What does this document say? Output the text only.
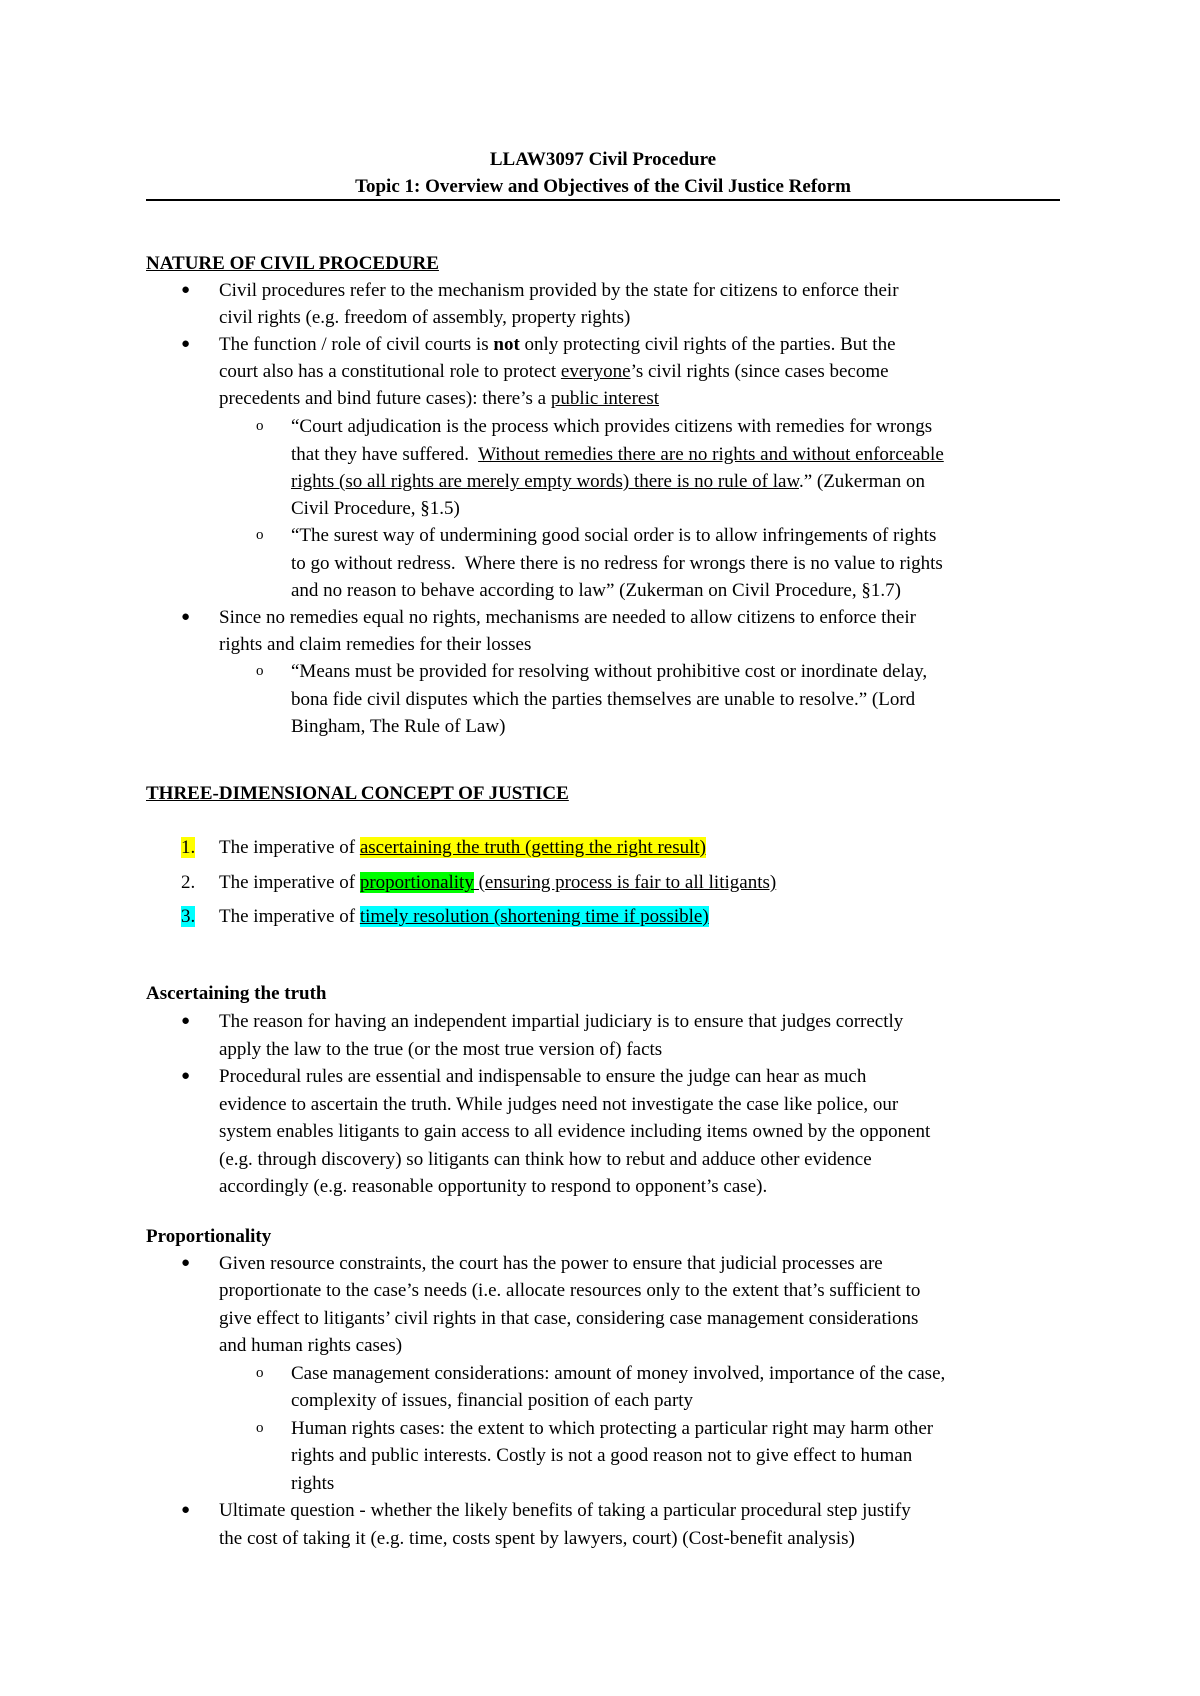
LLAW3097 Civil Procedure
Topic 1: Overview and Objectives of the Civil Justice Reform
NATURE OF CIVIL PROCEDURE
● Civil procedures refer to the mechanism provided by the state for citizens to enforce their
civil rights (e.g. freedom of assembly, property rights)
● The function / role of civil courts is not only protecting civil rights of the parties. But the
court also has a constitutional role to protect everyone’s civil rights (since cases become
precedents and bind future cases): there’s a public interest
o “Court adjudication is the process which provides citizens with remedies for wrongs
that they have suffered.  Without remedies there are no rights and without enforceable
rights (so all rights are merely empty words) there is no rule of law.” (Zukerman on
Civil Procedure, §1.5)
o “The surest way of undermining good social order is to allow infringements of rights
to go without redress.  Where there is no redress for wrongs there is no value to rights
and no reason to behave according to law” (Zukerman on Civil Procedure, §1.7)
● Since no remedies equal no rights, mechanisms are needed to allow citizens to enforce their
rights and claim remedies for their losses
o “Means must be provided for resolving without prohibitive cost or inordinate delay,
bona fide civil disputes which the parties themselves are unable to resolve.” (Lord
Bingham, The Rule of Law)
THREE-DIMENSIONAL CONCEPT OF JUSTICE
1. The imperative of ascertaining the truth (getting the right result)
2. The imperative of proportionality (ensuring process is fair to all litigants)
3. The imperative of timely resolution (shortening time if possible)
Ascertaining the truth
● The reason for having an independent impartial judiciary is to ensure that judges correctly
apply the law to the true (or the most true version of) facts
● Procedural rules are essential and indispensable to ensure the judge can hear as much
evidence to ascertain the truth. While judges need not investigate the case like police, our
system enables litigants to gain access to all evidence including items owned by the opponent
(e.g. through discovery) so litigants can think how to rebut and adduce other evidence
accordingly (e.g. reasonable opportunity to respond to opponent’s case).
Proportionality
● Given resource constraints, the court has the power to ensure that judicial processes are
proportionate to the case’s needs (i.e. allocate resources only to the extent that’s sufficient to
give effect to litigants’ civil rights in that case, considering case management considerations
and human rights cases)
o Case management considerations: amount of money involved, importance of the case,
complexity of issues, financial position of each party
o Human rights cases: the extent to which protecting a particular right may harm other
rights and public interests. Costly is not a good reason not to give effect to human
rights
● Ultimate question - whether the likely benefits of taking a particular procedural step justify
the cost of taking it (e.g. time, costs spent by lawyers, court) (Cost-benefit analysis)
